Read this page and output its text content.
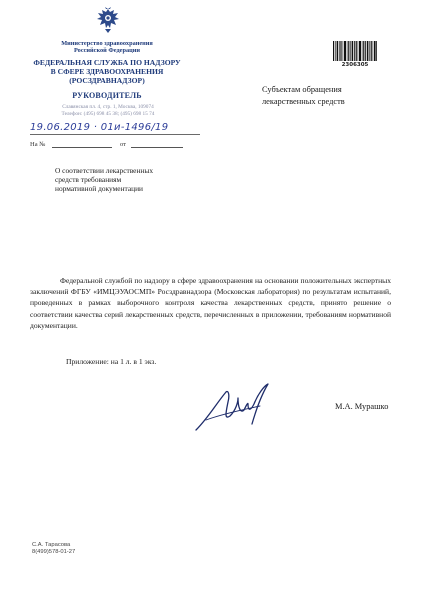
Министерство здравоохранения
Российской Федерации
ФЕДЕРАЛЬНАЯ СЛУЖБА ПО НАДЗОРУ
В СФЕРЕ ЗДРАВООХРАНЕНИЯ
(РОСЗДРАВНАДЗОР)
РУКОВОДИТЕЛЬ
Славянская пл. 4, стр. 1, Москва, 109074
Телефон: (495) 698 45 38; (495) 698 15 74
19.06.2019 · 01и-1496/19
На №	от
О соответствии лекарственных
средств требованиям
нормативной документации
2306305
Субъектам обращения
лекарственных средств

Федеральной службой по надзору в сфере здравоохранения на основании положительных экспертных заключений ФГБУ «ИМЦЭУАОСМП» Росздравнадзора (Московская лаборатория) по результатам испытаний, проведенных в рамках выборочного контроля качества лекарственных средств, принято решение о соответствии качества серий лекарственных средств, перечисленных в приложении, требованиям нормативной документации.

Приложение: на 1 л. в 1 экз.
М.А. Мурашко
С.А. Тарасова
8(499)578-01-27
